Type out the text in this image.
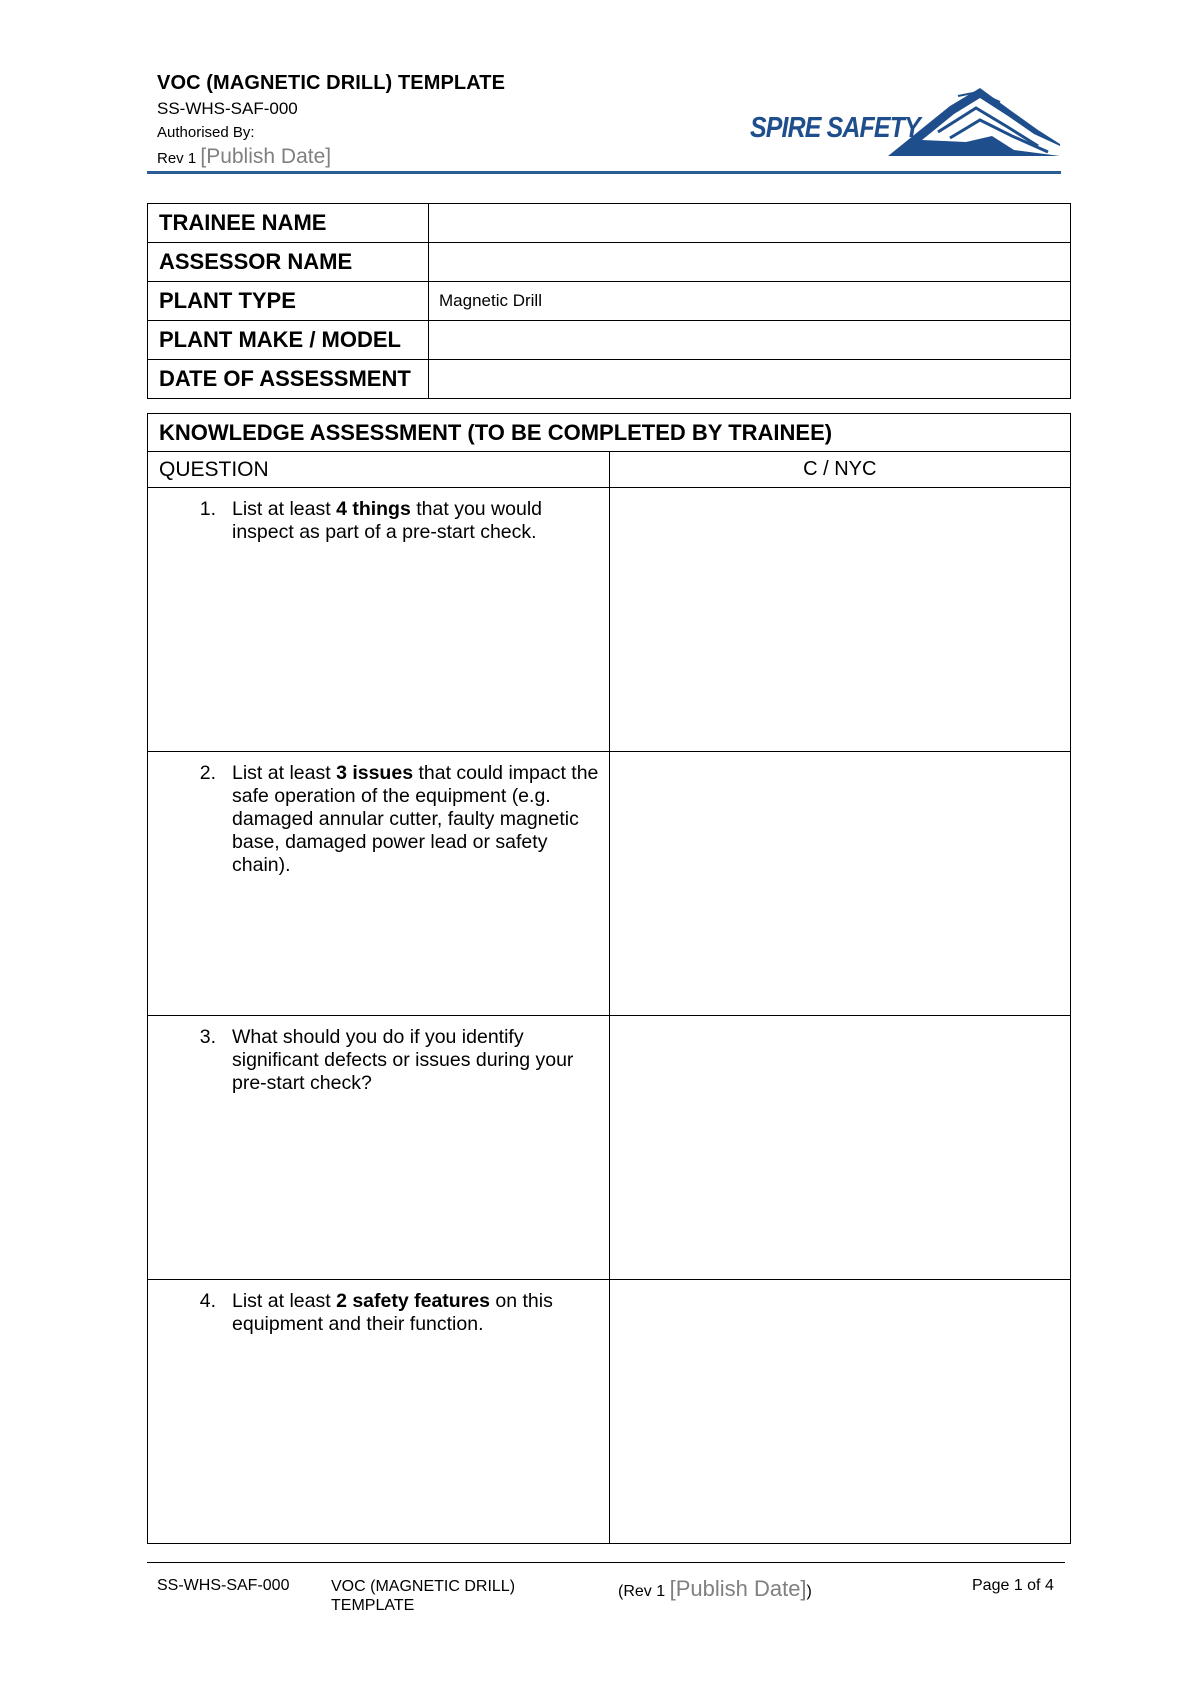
VOC (MAGNETIC DRILL) TEMPLATE
SS-WHS-SAF-000
Authorised By:
Rev 1 [Publish Date]
SPIRE SAFETY
TRAINEE NAME	
ASSESSOR NAME	
PLANT TYPE	Magnetic Drill
PLANT MAKE / MODEL	
DATE OF ASSESSMENT	
KNOWLEDGE ASSESSMENT (TO BE COMPLETED BY TRAINEE)	
QUESTION	C / NYC

1. List at least 4 things that you would inspect as part of a pre-start check.	

2. List at least 3 issues that could impact the safe operation of the equipment (e.g. damaged annular cutter, faulty magnetic base, damaged power lead or safety chain).	

3. What should you do if you identify significant defects or issues during your pre-start check?	

4. List at least 2 safety features on this equipment and their function.	

SS-WHS-SAF-000	VOC (MAGNETIC DRILL) TEMPLATE
(Rev 1 [Publish Date])	Page 1 of 4
